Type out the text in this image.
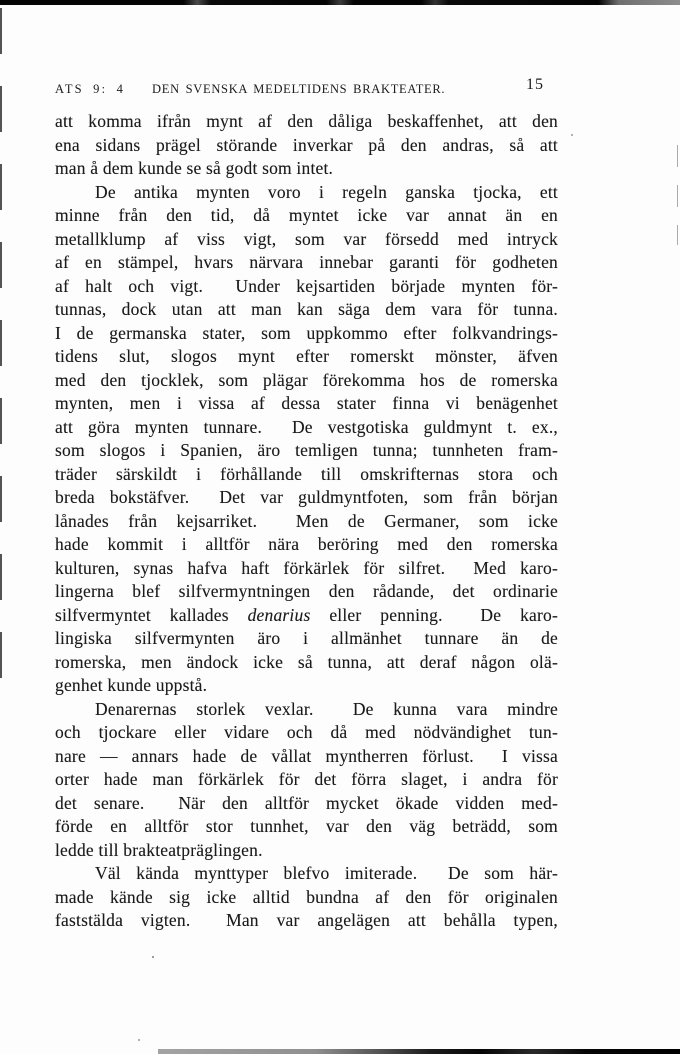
ATS 9: 4 DEN SVENSKA MEDELTIDENS BRAKTEATER.	15
att komma ifrån mynt af den dåliga beskaffenhet, att den
ena sidans prägel störande inverkar på den andras, så att
man å dem kunde se så godt som intet.
De antika mynten voro i regeln ganska tjocka, ett
minne från den tid, då myntet icke var annat än en
metallklump af viss vigt, som var försedd med intryck
af en stämpel, hvars närvara innebar garanti för godheten
af halt och vigt.  Under kejsartiden började mynten för-
tunnas, dock utan att man kan säga dem vara för tunna.
I de germanska stater, som uppkommo efter folkvandrings-
tidens slut, slogos mynt efter romerskt mönster, äfven
med den tjocklek, som plägar förekomma hos de romerska
mynten, men i vissa af dessa stater finna vi benägenhet
att göra mynten tunnare.  De vestgotiska guldmynt t. ex.,
som slogos i Spanien, äro temligen tunna; tunnheten fram-
träder särskildt i förhållande till omskrifternas stora och
breda bokstäfver.  Det var guldmyntfoten, som från början
lånades från kejsarriket.  Men de Germaner, som icke
hade kommit i alltför nära beröring med den romerska
kulturen, synas hafva haft förkärlek för silfret.  Med karo-
lingerna blef silfvermyntningen den rådande, det ordinarie
silfvermyntet kallades denarius eller penning.  De karo-
lingiska silfvermynten äro i allmänhet tunnare än de
romerska, men ändock icke så tunna, att deraf någon olä-
genhet kunde uppstå.
Denarernas storlek vexlar.  De kunna vara mindre
och tjockare eller vidare och då med nödvändighet tun-
nare — annars hade de vållat myntherren förlust.  I vissa
orter hade man förkärlek för det förra slaget, i andra för
det senare.  När den alltför mycket ökade vidden med-
förde en alltför stor tunnhet, var den väg beträdd, som
ledde till brakteatpräglingen.
Väl kända mynttyper blefvo imiterade.  De som här-
made kände sig icke alltid bundna af den för originalen
faststälda vigten.  Man var angelägen att behålla typen,
